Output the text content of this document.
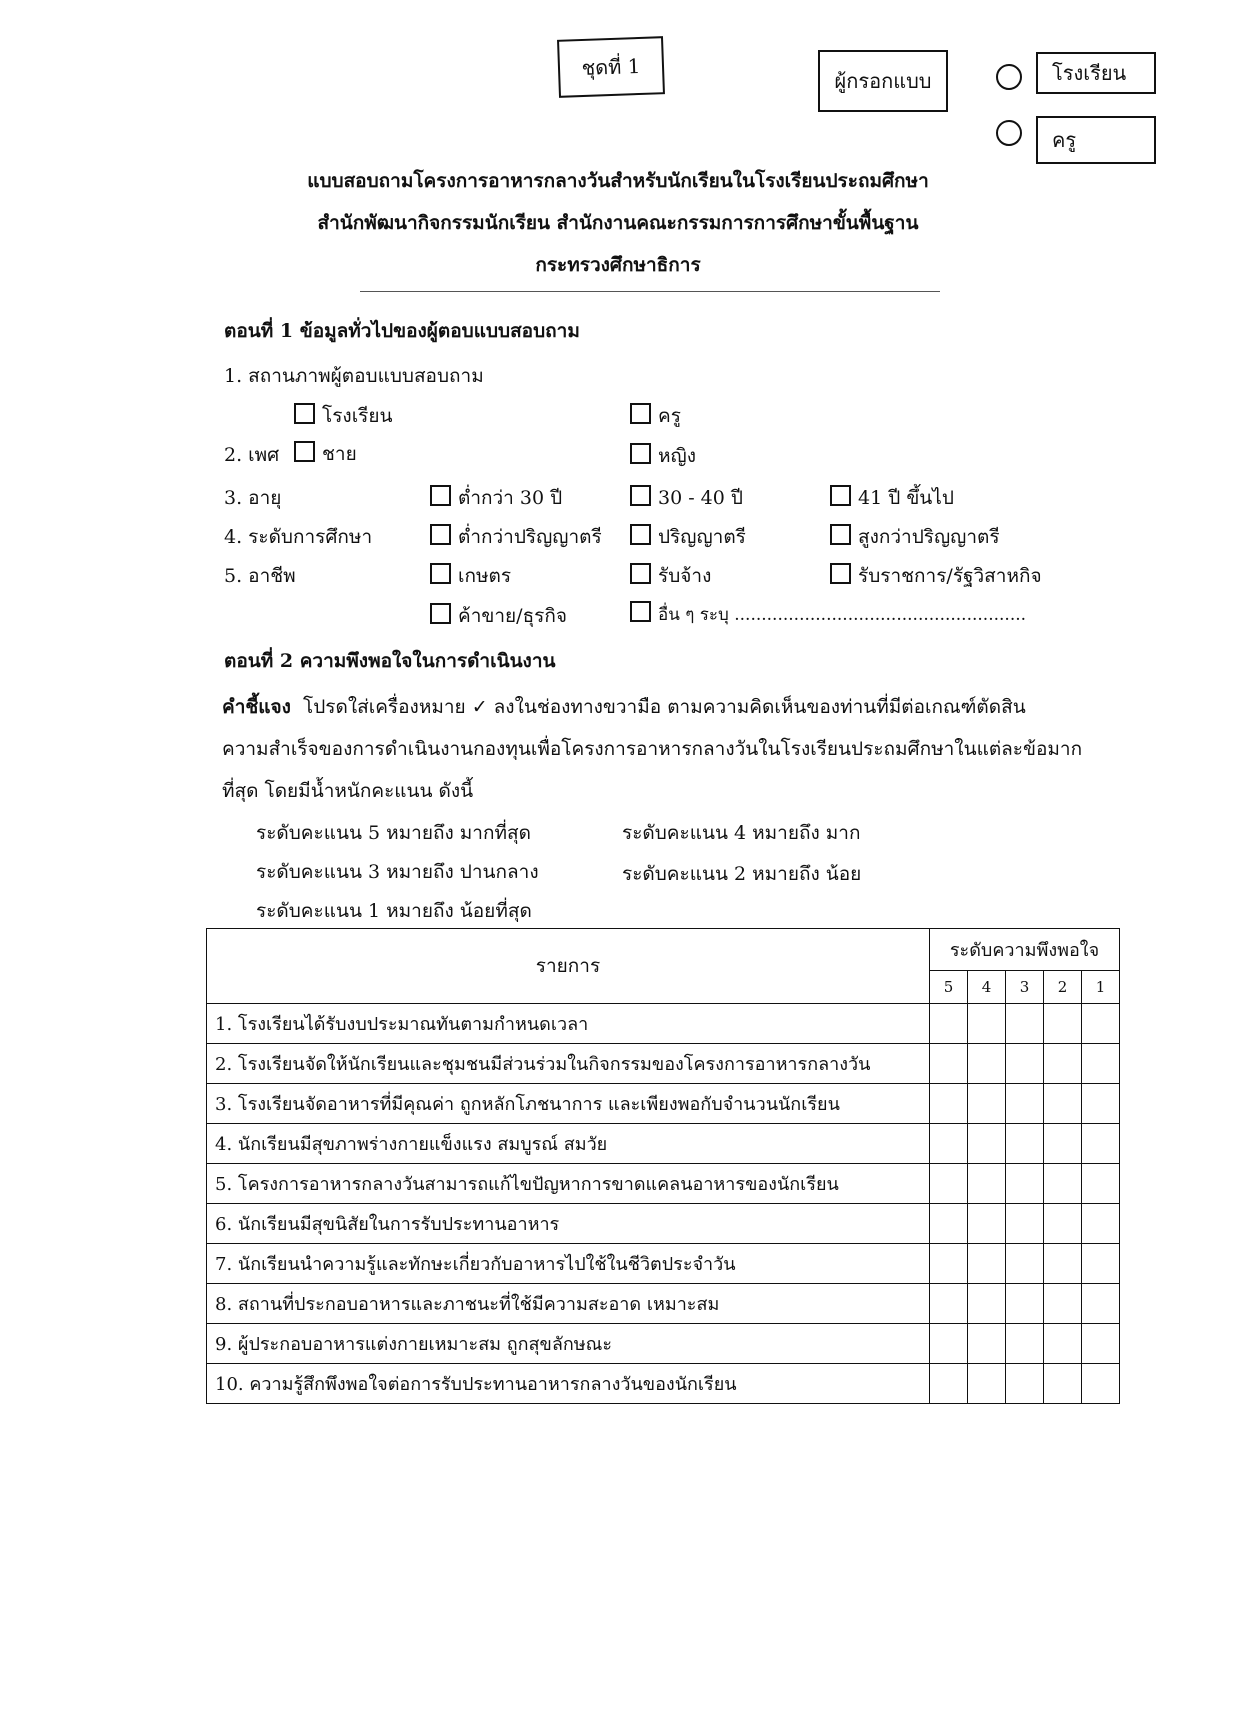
ชุดที่ 1
ผู้กรอกแบบ	โรงเรียน
ครู
แบบสอบถามโครงการอาหารกลางวันสำหรับนักเรียนในโรงเรียนประถมศึกษา
สำนักพัฒนากิจกรรมนักเรียน สำนักงานคณะกรรมการการศึกษาขั้นพื้นฐาน
กระทรวงศึกษาธิการ
ตอนที่ 1 ข้อมูลทั่วไปของผู้ตอบแบบสอบถาม
1. สถานภาพผู้ตอบแบบสอบถาม
โรงเรียน	ครู
2. เพศ	ชาย	หญิง
3. อายุ	ต่ำกว่า 30 ปี	30 - 40 ปี	41 ปี ขึ้นไป
4. ระดับการศึกษา	ต่ำกว่าปริญญาตรี	ปริญญาตรี	สูงกว่าปริญญาตรี
5. อาชีพ	เกษตร	รับจ้าง	รับราชการ/รัฐวิสาหกิจ
ค้าขาย/ธุรกิจ	อื่น ๆ ระบุ ......................................................
ตอนที่ 2 ความพึงพอใจในการดำเนินงาน
คำชี้แจง โปรดใส่เครื่องหมาย ✓ ลงในช่องทางขวามือ ตามความคิดเห็นของท่านที่มีต่อเกณฑ์ตัดสิน
ความสำเร็จของการดำเนินงานกองทุนเพื่อโครงการอาหารกลางวันในโรงเรียนประถมศึกษาในแต่ละข้อมาก
ที่สุด โดยมีน้ำหนักคะแนน ดังนี้
ระดับคะแนน 5 หมายถึง มากที่สุด	ระดับคะแนน 4 หมายถึง มาก
ระดับคะแนน 3 หมายถึง ปานกลาง	ระดับคะแนน 2 หมายถึง น้อย
ระดับคะแนน 1 หมายถึง น้อยที่สุด
รายการ	ระดับความพึงพอใจ				
	5	4	3	2	1
1. โรงเรียนได้รับงบประมาณทันตามกำหนดเวลา					
2. โรงเรียนจัดให้นักเรียนและชุมชนมีส่วนร่วมในกิจกรรมของโครงการอาหารกลางวัน					
3. โรงเรียนจัดอาหารที่มีคุณค่า ถูกหลักโภชนาการ และเพียงพอกับจำนวนนักเรียน					
4. นักเรียนมีสุขภาพร่างกายแข็งแรง สมบูรณ์ สมวัย					
5. โครงการอาหารกลางวันสามารถแก้ไขปัญหาการขาดแคลนอาหารของนักเรียน					
6. นักเรียนมีสุขนิสัยในการรับประทานอาหาร					
7. นักเรียนนำความรู้และทักษะเกี่ยวกับอาหารไปใช้ในชีวิตประจำวัน					
8. สถานที่ประกอบอาหารและภาชนะที่ใช้มีความสะอาด เหมาะสม					
9. ผู้ประกอบอาหารแต่งกายเหมาะสม ถูกสุขลักษณะ					
10. ความรู้สึกพึงพอใจต่อการรับประทานอาหารกลางวันของนักเรียน					
